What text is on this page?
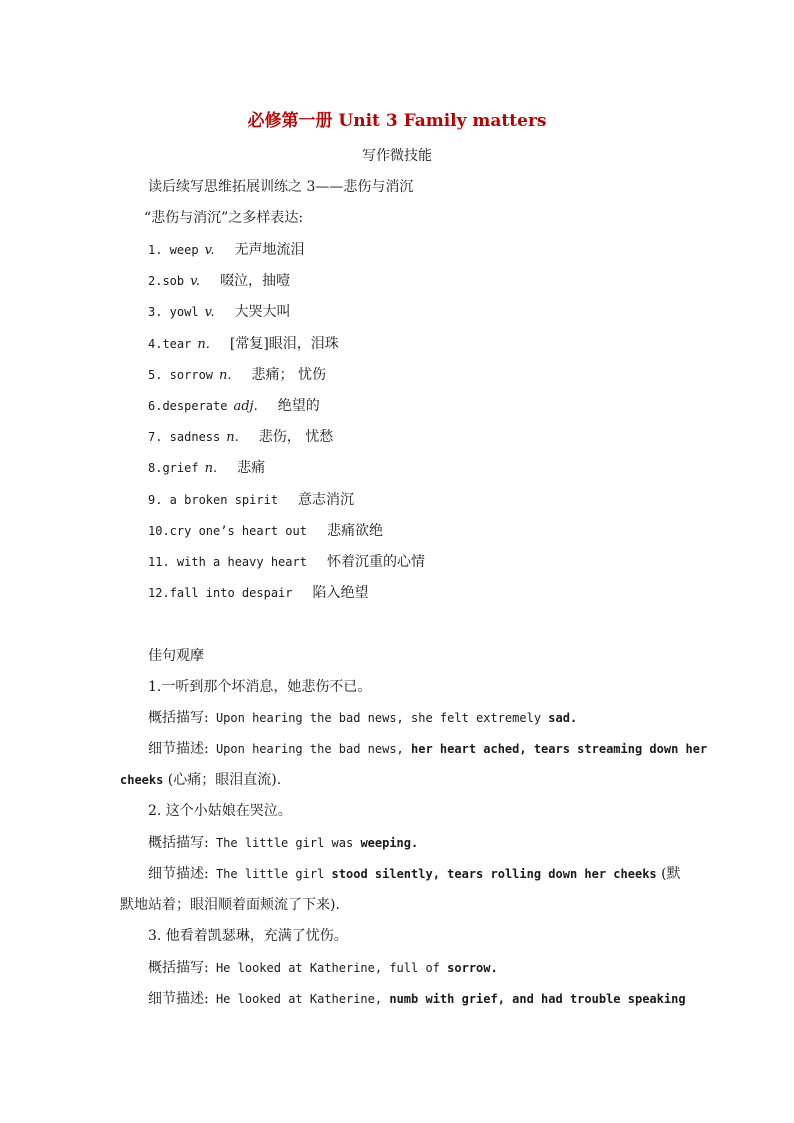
必修第一册 Unit 3 Family matters
写作微技能
读后续写思维拓展训练之 3——悲伤与消沉
“悲伤与消沉”之多样表达:
1. weep v. 无声地流泪
2.sob v. 啜泣，抽噎
3. yowl v. 大哭大叫
4.tear n. [常复]眼泪，泪珠
5. sorrow n. 悲痛； 忧伤
6.desperate adj. 绝望的
7. sadness n. 悲伤， 忧愁
8.grief n. 悲痛
9. a broken spirit 意志消沉
10.cry one’s heart out 悲痛欲绝
11. with a heavy heart 怀着沉重的心情
12.fall into despair 陷入绝望
佳句观摩
1.一听到那个坏消息，她悲伤不已。
概括描写: Upon hearing the bad news, she felt extremely sad.
细节描述: Upon hearing the bad news, her heart ached, tears streaming down her
cheeks (心痛；眼泪直流).
2. 这个小姑娘在哭泣。
概括描写: The little girl was weeping.
细节描述: The little girl stood silently, tears rolling down her cheeks (默
默地站着；眼泪顺着面颊流了下来).
3. 他看着凯瑟琳，充满了忧伤。
概括描写: He looked at Katherine, full of sorrow.
细节描述: He looked at Katherine, numb with grief, and had trouble speaking
